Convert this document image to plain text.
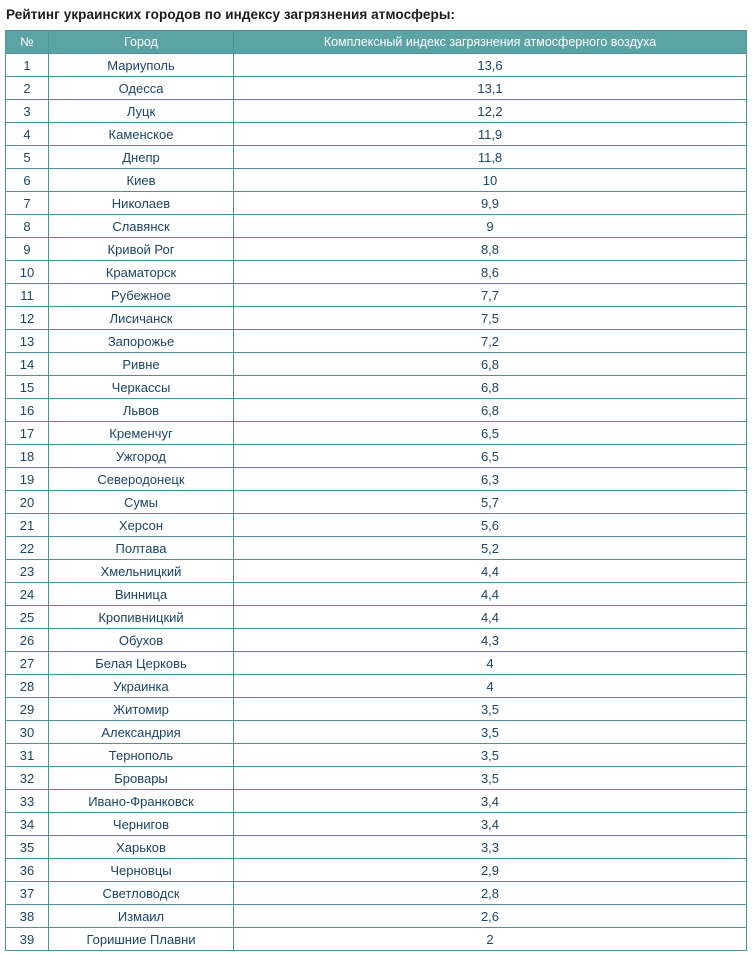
Рейтинг украинских городов по индексу загрязнения атмосферы:
№	Город	Комплексный индекс загрязнения атмосферного воздуха
1	Мариуполь	13,6
2	Одесса	13,1
3	Луцк	12,2
4	Каменское	11,9
5	Днепр	11,8
6	Киев	10
7	Николаев	9,9
8	Славянск	9
9	Кривой Рог	8,8
10	Краматорск	8,6
11	Рубежное	7,7
12	Лисичанск	7,5
13	Запорожье	7,2
14	Ривне	6,8
15	Черкассы	6,8
16	Львов	6,8
17	Кременчуг	6,5
18	Ужгород	6,5
19	Северодонецк	6,3
20	Сумы	5,7
21	Херсон	5,6
22	Полтава	5,2
23	Хмельницкий	4,4
24	Винница	4,4
25	Кропивницкий	4,4
26	Обухов	4,3
27	Белая Церковь	4
28	Украинка	4
29	Житомир	3,5
30	Александрия	3,5
31	Тернополь	3,5
32	Бровары	3,5
33	Ивано-Франковск	3,4
34	Чернигов	3,4
35	Харьков	3,3
36	Черновцы	2,9
37	Светловодск	2,8
38	Измаил	2,6
39	Горишние Плавни	2
